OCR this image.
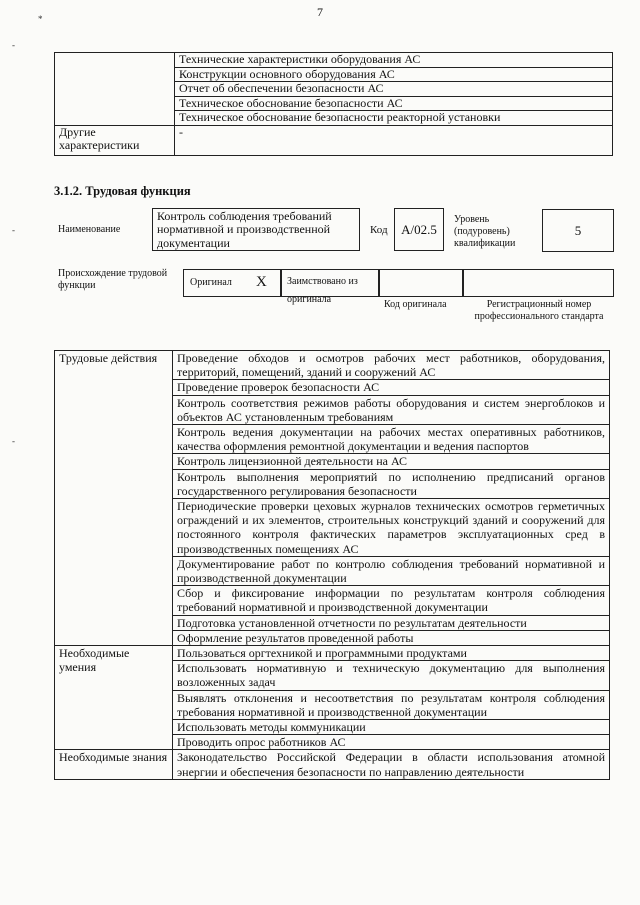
*
-
-
-
7
	Технические характеристики оборудования АС
	Конструкции основного оборудования АС
	Отчет об обеспечении безопасности АС
	Техническое обоснование безопасности АС
	Техническое обоснование безопасности реакторной установки
Другие характеристики	-
3.1.2. Трудовая функция
Наименование
Контроль соблюдения требований нормативной и производственной документации
Код	A/02.5
Уровень (подуровень) квалификации
5
Происхождение трудовой функции	Оригинал X	Заимствовано из оригинала	Код оригинала	Регистрационный номер профессионального стандарта
Трудовые действия	Проведение обходов и осмотров рабочих мест работников, оборудования, территорий, помещений, зданий и сооружений АС
	Проведение проверок безопасности АС
	Контроль соответствия режимов работы оборудования и систем энергоблоков и объектов АС установленным требованиям
	Контроль ведения документации на рабочих местах оперативных работников, качества оформления ремонтной документации и ведения паспортов
	Контроль лицензионной деятельности на АС
	Контроль выполнения мероприятий по исполнению предписаний органов государственного регулирования безопасности
	Периодические проверки цеховых журналов технических осмотров герметичных ограждений и их элементов, строительных конструкций зданий и сооружений для постоянного контроля фактических параметров эксплуатационных сред в производственных помещениях АС
	Документирование работ по контролю соблюдения требований нормативной и производственной документации
	Сбор и фиксирование информации по результатам контроля соблюдения требований нормативной и производственной документации
	Подготовка установленной отчетности по результатам деятельности
	Оформление результатов проведенной работы
Необходимые умения	Пользоваться оргтехникой и программными продуктами
	Использовать нормативную и техническую документацию для выполнения возложенных задач
	Выявлять отклонения и несоответствия по результатам контроля соблюдения требования нормативной и производственной документации
	Использовать методы коммуникации
	Проводить опрос работников АС
Необходимые знания	Законодательство Российской Федерации в области использования атомной энергии и обеспечения безопасности по направлению деятельности
